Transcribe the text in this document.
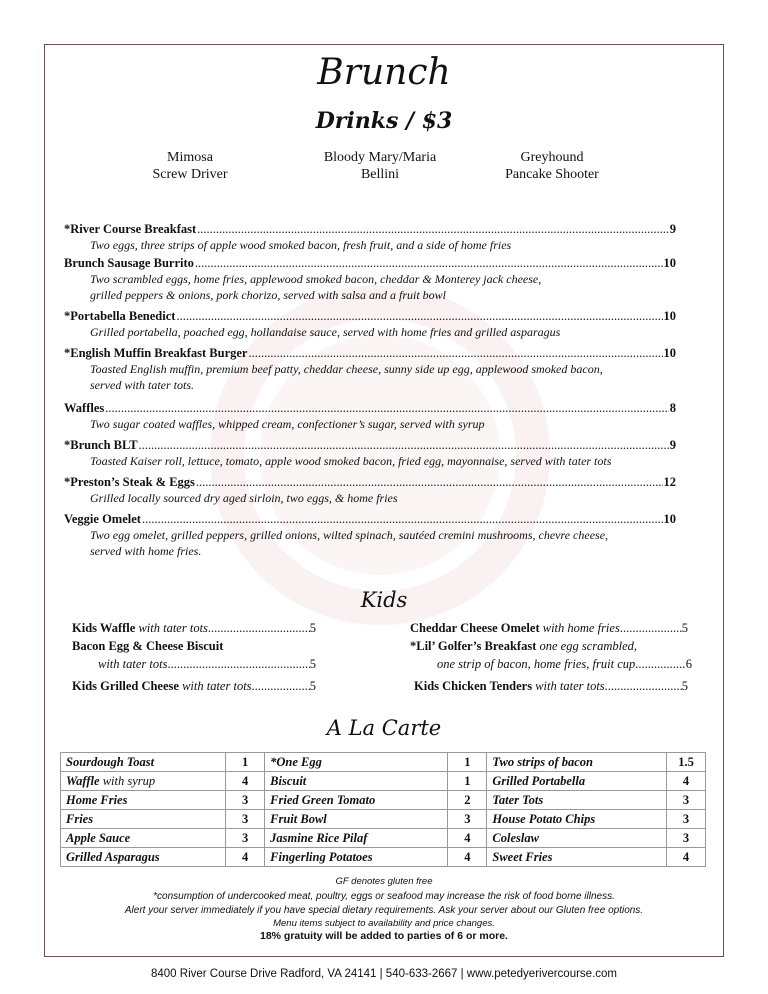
Brunch
Drinks / $3
Mimosa	Bloody Mary/Maria	Greyhound
Screw Driver	Bellini	Pancake Shooter
*River Course Breakfast .....	9
Two eggs, three strips of apple wood smoked bacon, fresh fruit, and a side of home fries
Brunch Sausage Burrito .....	10
Two scrambled eggs, home fries, applewood smoked bacon, cheddar & Monterey jack cheese,
grilled peppers & onions, pork chorizo, served with salsa and a fruit bowl
*Portabella Benedict .....	10
Grilled portabella, poached egg, hollandaise sauce, served with home fries and grilled asparagus
*English Muffin Breakfast Burger .....	10
Toasted English muffin, premium beef patty, cheddar cheese, sunny side up egg, applewood smoked bacon,
served with tater tots.
Waffles .....	8
Two sugar coated waffles, whipped cream, confectioner’s sugar, served with syrup
*Brunch BLT .....	9
Toasted Kaiser roll, lettuce, tomato, apple wood smoked bacon, fried egg, mayonnaise, served with tater tots
*Preston’s Steak & Eggs .....	12
Grilled locally sourced dry aged sirloin, two eggs, & home fries
Veggie Omelet .....	10
Two egg omelet, grilled peppers, grilled onions, wilted spinach, sautéed cremini mushrooms, chevre cheese,
served with home fries.
Kids
Kids Waffle
with tater tots .....	5
Bacon Egg & Cheese Biscuit
with tater tots .....	5
Kids Grilled Cheese
with tater tots .....	5
Cheddar Cheese Omelet
with home fries .....	5
*Lil’ Golfer’s Breakfast
one egg scrambled,
one strip of bacon, home fries, fruit cup .....	6
Kids Chicken Tenders
with tater tots .....	5
A La Carte
Sourdough Toast	1	*One Egg	1	Two strips of bacon	1.5
Waffle with syrup	4	Biscuit	1	Grilled Portabella	4
Home Fries	3	Fried Green Tomato	2	Tater Tots	3
Fries	3	Fruit Bowl	3	House Potato Chips	3
Apple Sauce	3	Jasmine Rice Pilaf	4	Coleslaw	3
Grilled Asparagus	4	Fingerling Potatoes	4	Sweet Fries	4
GF denotes gluten free
*consumption of undercooked meat, poultry, eggs or seafood may increase the risk of food borne illness.
Alert your server immediately if you have special dietary requirements. Ask your server about our Gluten free options.
Menu items subject to availability and price changes.
18% gratuity will be added to parties of 6 or more.
8400 River Course Drive Radford, VA 24141 | 540-633-2667 | www.petedyerivercourse.com
